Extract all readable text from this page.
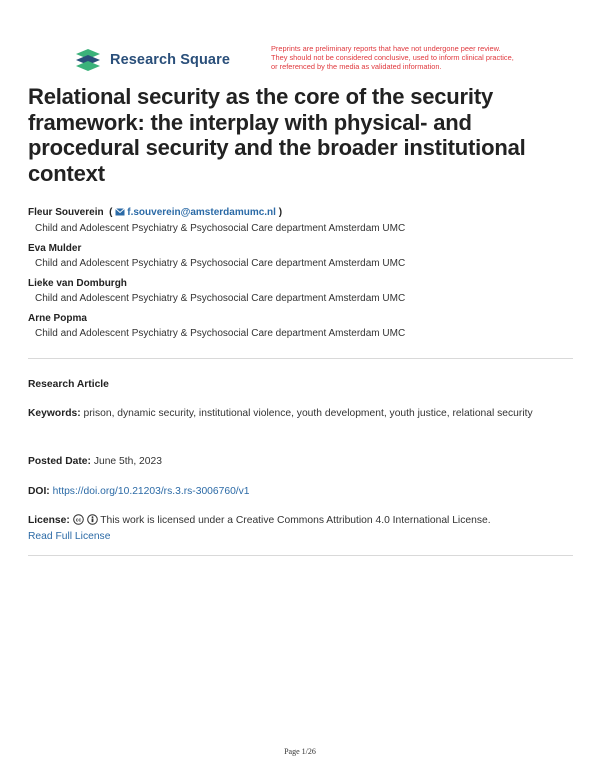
Research Square
Preprints are preliminary reports that have not undergone peer review.
They should not be considered conclusive, used to inform clinical practice,
or referenced by the media as validated information.
Relational security as the core of the security framework: the interplay with physical- and procedural security and the broader institutional context
Fleur Souverein  ( f.souverein@amsterdamumc.nl )
Child and Adolescent Psychiatry & Psychosocial Care department Amsterdam UMC
Eva Mulder
Child and Adolescent Psychiatry & Psychosocial Care department Amsterdam UMC
Lieke van Domburgh
Child and Adolescent Psychiatry & Psychosocial Care department Amsterdam UMC
Arne Popma
Child and Adolescent Psychiatry & Psychosocial Care department Amsterdam UMC
Research Article
Keywords: prison, dynamic security, institutional violence, youth development, youth justice, relational security
Posted Date: June 5th, 2023
DOI: https://doi.org/10.21203/rs.3.rs-3006760/v1
License: cc This work is licensed under a Creative Commons Attribution 4.0 International License.
Read Full License
Page 1/26
